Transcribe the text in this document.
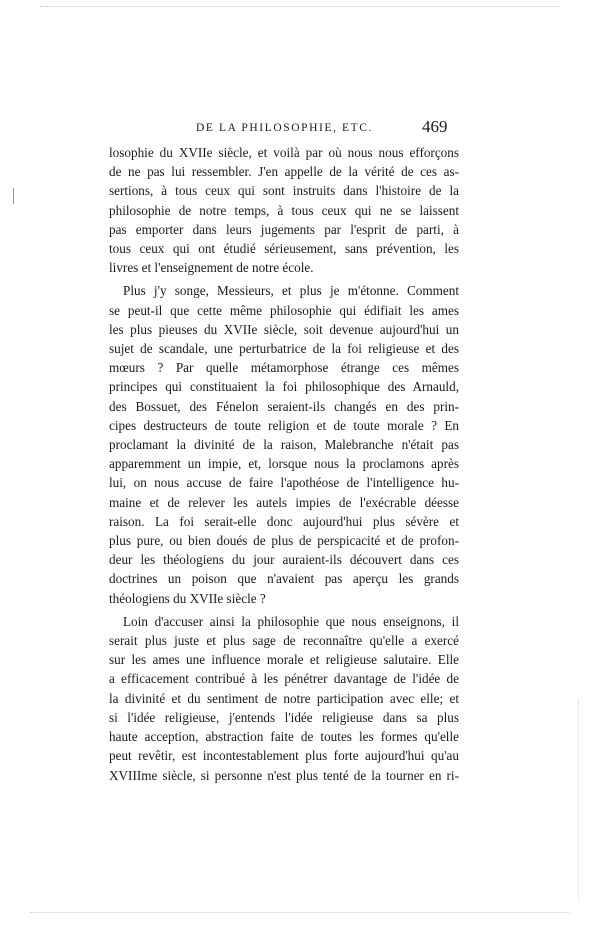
DE LA PHILOSOPHIE, ETC.	469
losophie du XVIIe siècle, et voilà par où nous nous efforçons
de ne pas lui ressembler. J'en appelle de la vérité de ces as-
sertions, à tous ceux qui sont instruits dans l'histoire de la
philosophie de notre temps, à tous ceux qui ne se laissent
pas emporter dans leurs jugements par l'esprit de parti, à
tous ceux qui ont étudié sérieusement, sans prévention, les
livres et l'enseignement de notre école.
Plus j'y songe, Messieurs, et plus je m'étonne. Comment
se peut-il que cette même philosophie qui édifiait les ames
les plus pieuses du XVIIe siècle, soit devenue aujourd'hui un
sujet de scandale, une perturbatrice de la foi religieuse et des
mœurs ? Par quelle métamorphose étrange ces mêmes
principes qui constituaient la foi philosophique des Arnauld,
des Bossuet, des Fénelon seraient-ils changés en des prin-
cipes destructeurs de toute religion et de toute morale ? En
proclamant la divinité de la raison, Malebranche n'était pas
apparemment un impie, et, lorsque nous la proclamons après
lui, on nous accuse de faire l'apothéose de l'intelligence hu-
maine et de relever les autels impies de l'exécrable déesse
raison. La foi serait-elle donc aujourd'hui plus sévère et
plus pure, ou bien doués de plus de perspicacité et de profon-
deur les théologiens du jour auraient-ils découvert dans ces
doctrines un poison que n'avaient pas aperçu les grands
théologiens du XVIIe siècle ?
Loin d'accuser ainsi la philosophie que nous enseignons, il
serait plus juste et plus sage de reconnaître qu'elle a exercé
sur les ames une influence morale et religieuse salutaire. Elle
a efficacement contribué à les pénétrer davantage de l'idée de
la divinité et du sentiment de notre participation avec elle; et
si l'idée religieuse, j'entends l'idée religieuse dans sa plus
haute acception, abstraction faite de toutes les formes qu'elle
peut revêtir, est incontestablement plus forte aujourd'hui qu'au
XVIIIme siècle, si personne n'est plus tenté de la tourner en ri-
